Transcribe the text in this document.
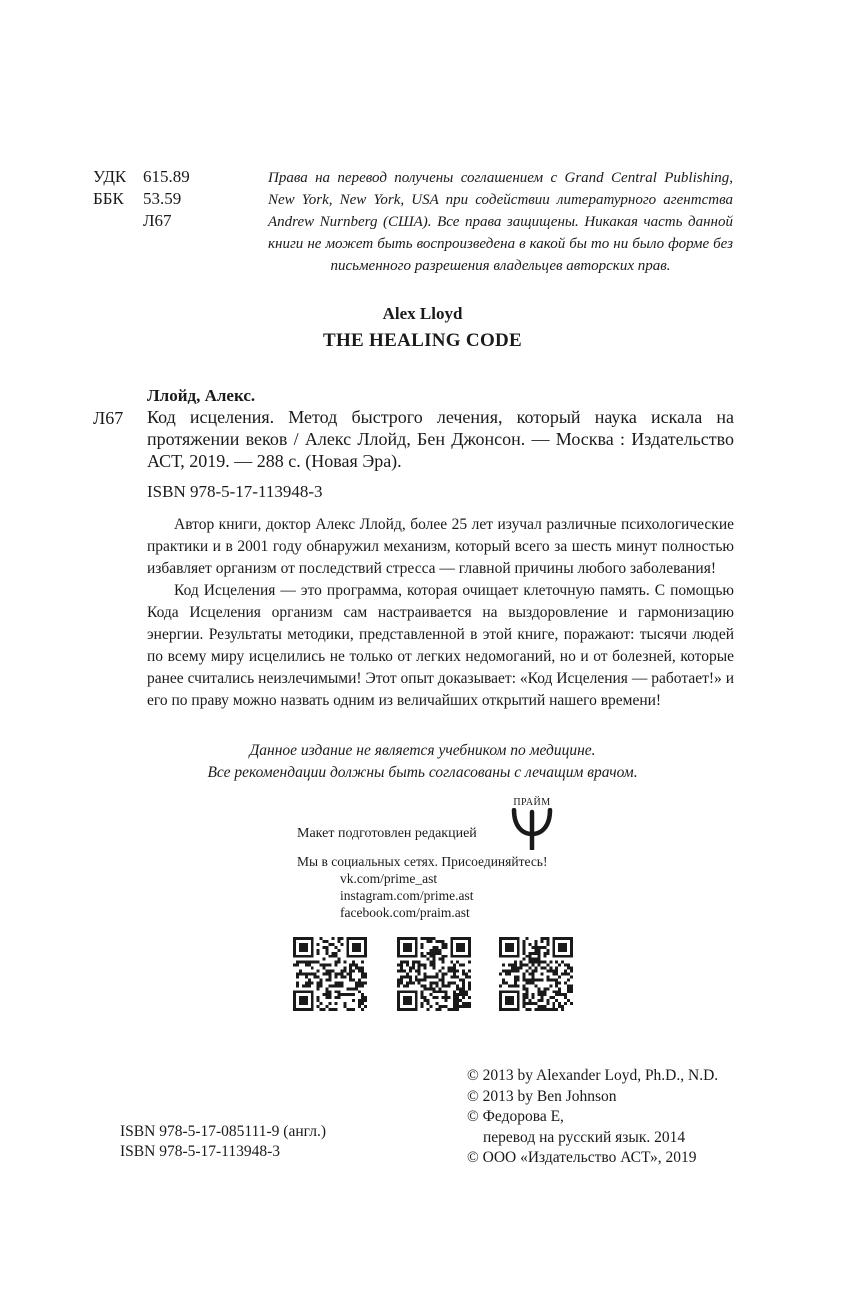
УДК 615.89
ББК	53.59
Л67
Права на перевод получены соглашением с Grand Central Publishing, New York, New York, USA при содействии литературного агентства Andrew Nurnberg (США). Все права защищены. Никакая часть данной книги не может быть воспроизведена в какой бы то ни было форме без письменного разрешения владельцев авторских прав.
Alex Lloyd
THE HEALING CODE
Ллойд, Алекс.
Л67 Код исцеления. Метод быстрого лечения, который наука искала на
протяжении веков / Алекс Ллойд, Бен Джонсон. — Москва : Издательство
АСТ, 2019. — 288 с. (Новая Эра).
ISBN 978-5-17-113948-3

Автор книги, доктор Алекс Ллойд, более 25 лет изучал различные психологические практики и в 2001 году обнаружил механизм, который всего за шесть минут полностью избавляет организм от последствий стресса — главной причины любого заболевания!

Код Исцеления — это программа, которая очищает клеточную память. С помощью Кода Исцеления организм сам настраивается на выздоровление и гармонизацию энергии. Результаты методики, представленной в этой книге, поражают: тысячи людей по всему миру исцелились не только от легких недомоганий, но и от болезней, которые ранее считались неизлечимыми! Этот опыт доказывает: «Код Исцеления — работает!» и его по праву можно назвать одним из величайших открытий нашего времени!

Данное издание не является учебником по медицине.
Все рекомендации должны быть согласованы с лечащим врачом.
Макет подготовлен редакцией
ПРАЙМ
Мы в социальных сетях. Присоединяйтесь!
vk.com/prime_ast
instagram.com/prime.ast
facebook.com/praim.ast
© 2013 by Alexander Loyd, Ph.D., N.D.
© 2013 by Ben Johnson
© Федорова Е,
перевод на русский язык. 2014
© ООО «Издательство АСТ», 2019
ISBN 978-5-17-085111-9 (англ.)
ISBN 978-5-17-113948-3
